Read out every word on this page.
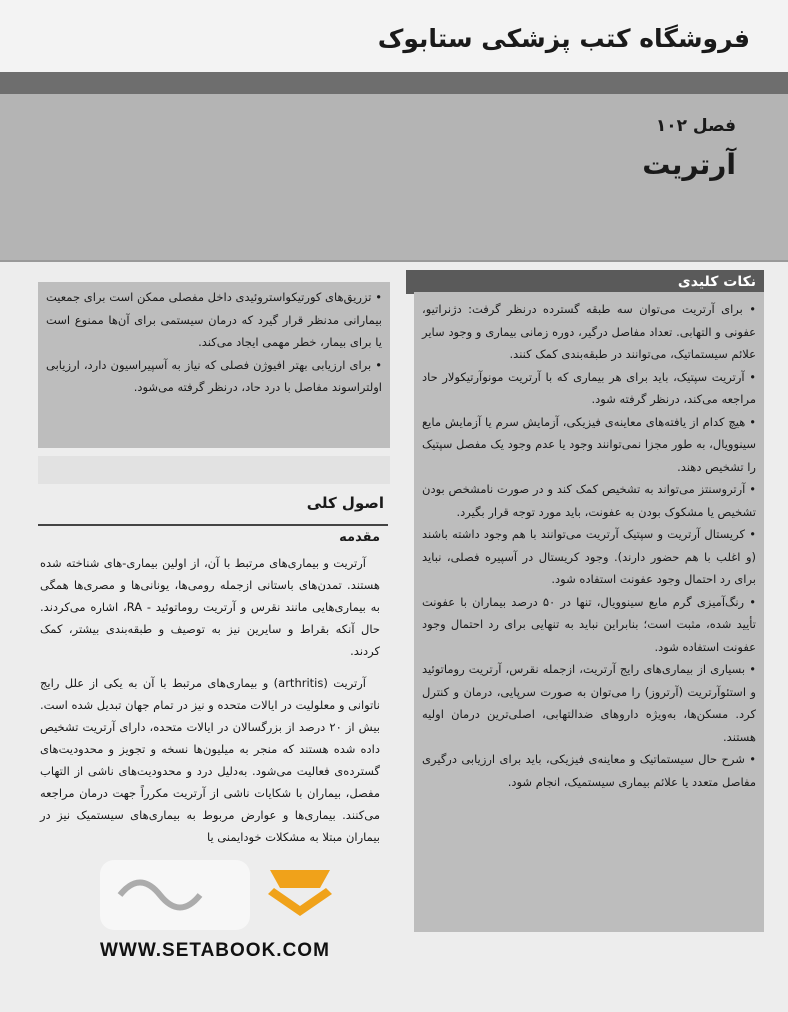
فروشگاه کتب پزشکی ستابوک
فصل ۱۰۲
آرتریت
نکات کلیدی

• برای آرتریت می‌توان سه طبقه گسترده درنظر گرفت: دژنراتیو، عفونی و التهابی. تعداد مفاصل درگیر، دوره زمانی بیماری و وجود سایر علائم سیستماتیک، می‌توانند در طبقه‌بندی کمک کنند.

• آرتریت سپتیک، باید برای هر بیماری که با آرتریت مونوآرتیکولار حاد مراجعه می‌کند، درنظر گرفته شود.

• هیچ کدام از یافته‌های معاینه‌ی فیزیکی، آزمایش سرم یا آزمایش مایع سینوویال، به طور مجزا نمی‌توانند وجود یا عدم وجود یک مفصل سپتیک را تشخیص دهند.

• آرتروسنتز می‌تواند به تشخیص کمک کند و در صورت نامشخص بودن تشخیص یا مشکوک بودن به عفونت، باید مورد توجه قرار بگیرد.

• کریستال آرتریت و سپتیک آرتریت می‌توانند با هم وجود داشته باشند (و اغلب با هم حضور دارند). وجود کریستال در آسپیره فصلی، نباید برای رد احتمال وجود عفونت استفاده شود.

• رنگ‌آمیزی گرم مایع سینوویال، تنها در ۵۰ درصد بیماران با عفونت تأیید شده، مثبت است؛ بنابراین نباید به تنهایی برای رد احتمال وجود عفونت استفاده شود.

• بسیاری از بیماری‌های رایج آرتریت، ازجمله نقرس، آرتریت روماتوئید و استئوآرتریت (آرتروز) را می‌توان به صورت سرپایی، درمان و کنترل کرد. مسکن‌ها، به‌ویژه داروهای ضدالتهابی، اصلی‌ترین درمان اولیه هستند.

• شرح حال سیستماتیک و معاینه‌ی فیزیکی، باید برای ارزیابی درگیری مفاصل متعدد یا علائم بیماری سیستمیک، انجام شود.

• تزریق‌های کورتیکواستروئیدی داخل مفصلی ممکن است برای جمعیت بیمارانی مدنظر قرار گیرد که درمان سیستمی برای آن‌ها ممنوع است یا برای بیمار، خطر مهمی ایجاد می‌کند.

• برای ارزیابی بهتر افیوژن فصلی که نیاز به آسپیراسیون دارد، ارزیابی اولتراسوند مفاصل با درد حاد، درنظر گرفته می‌شود.

اصول کلی
مقدمه

آرتریت و بیماری‌های مرتبط با آن، از اولین بیماری-های شناخته شده هستند. تمدن‌های باستانی ازجمله رومی‌ها، یونانی‌ها و مصری‌ها همگی به بیماری‌هایی مانند نقرس و آرتریت روماتوئید - RA، اشاره می‌کردند. حال آنکه بقراط و سایرین نیز به توصیف و طبقه‌بندی بیشتر، کمک کردند.

آرتریت (arthritis) و بیماری‌های مرتبط با آن به یکی از علل رایج ناتوانی و معلولیت در ایالات متحده و نیز در تمام جهان تبدیل شده است. بیش از ۲۰ درصد از بزرگسالان در ایالات متحده، دارای آرتریت تشخیص داده شده هستند که منجر به میلیون‌ها نسخه و تجویز و محدودیت‌های گسترده‌ی فعالیت می‌شود. به‌دلیل درد و محدودیت‌های ناشی از التهاب مفصل، بیماران با شکایات ناشی از آرتریت مکرراً جهت درمان مراجعه می‌کنند. بیماری‌ها و عوارض مربوط به بیماری‌های سیستمیک نیز در بیماران مبتلا به مشکلات خودایمنی یا

WWW.SETABOOK.COM
